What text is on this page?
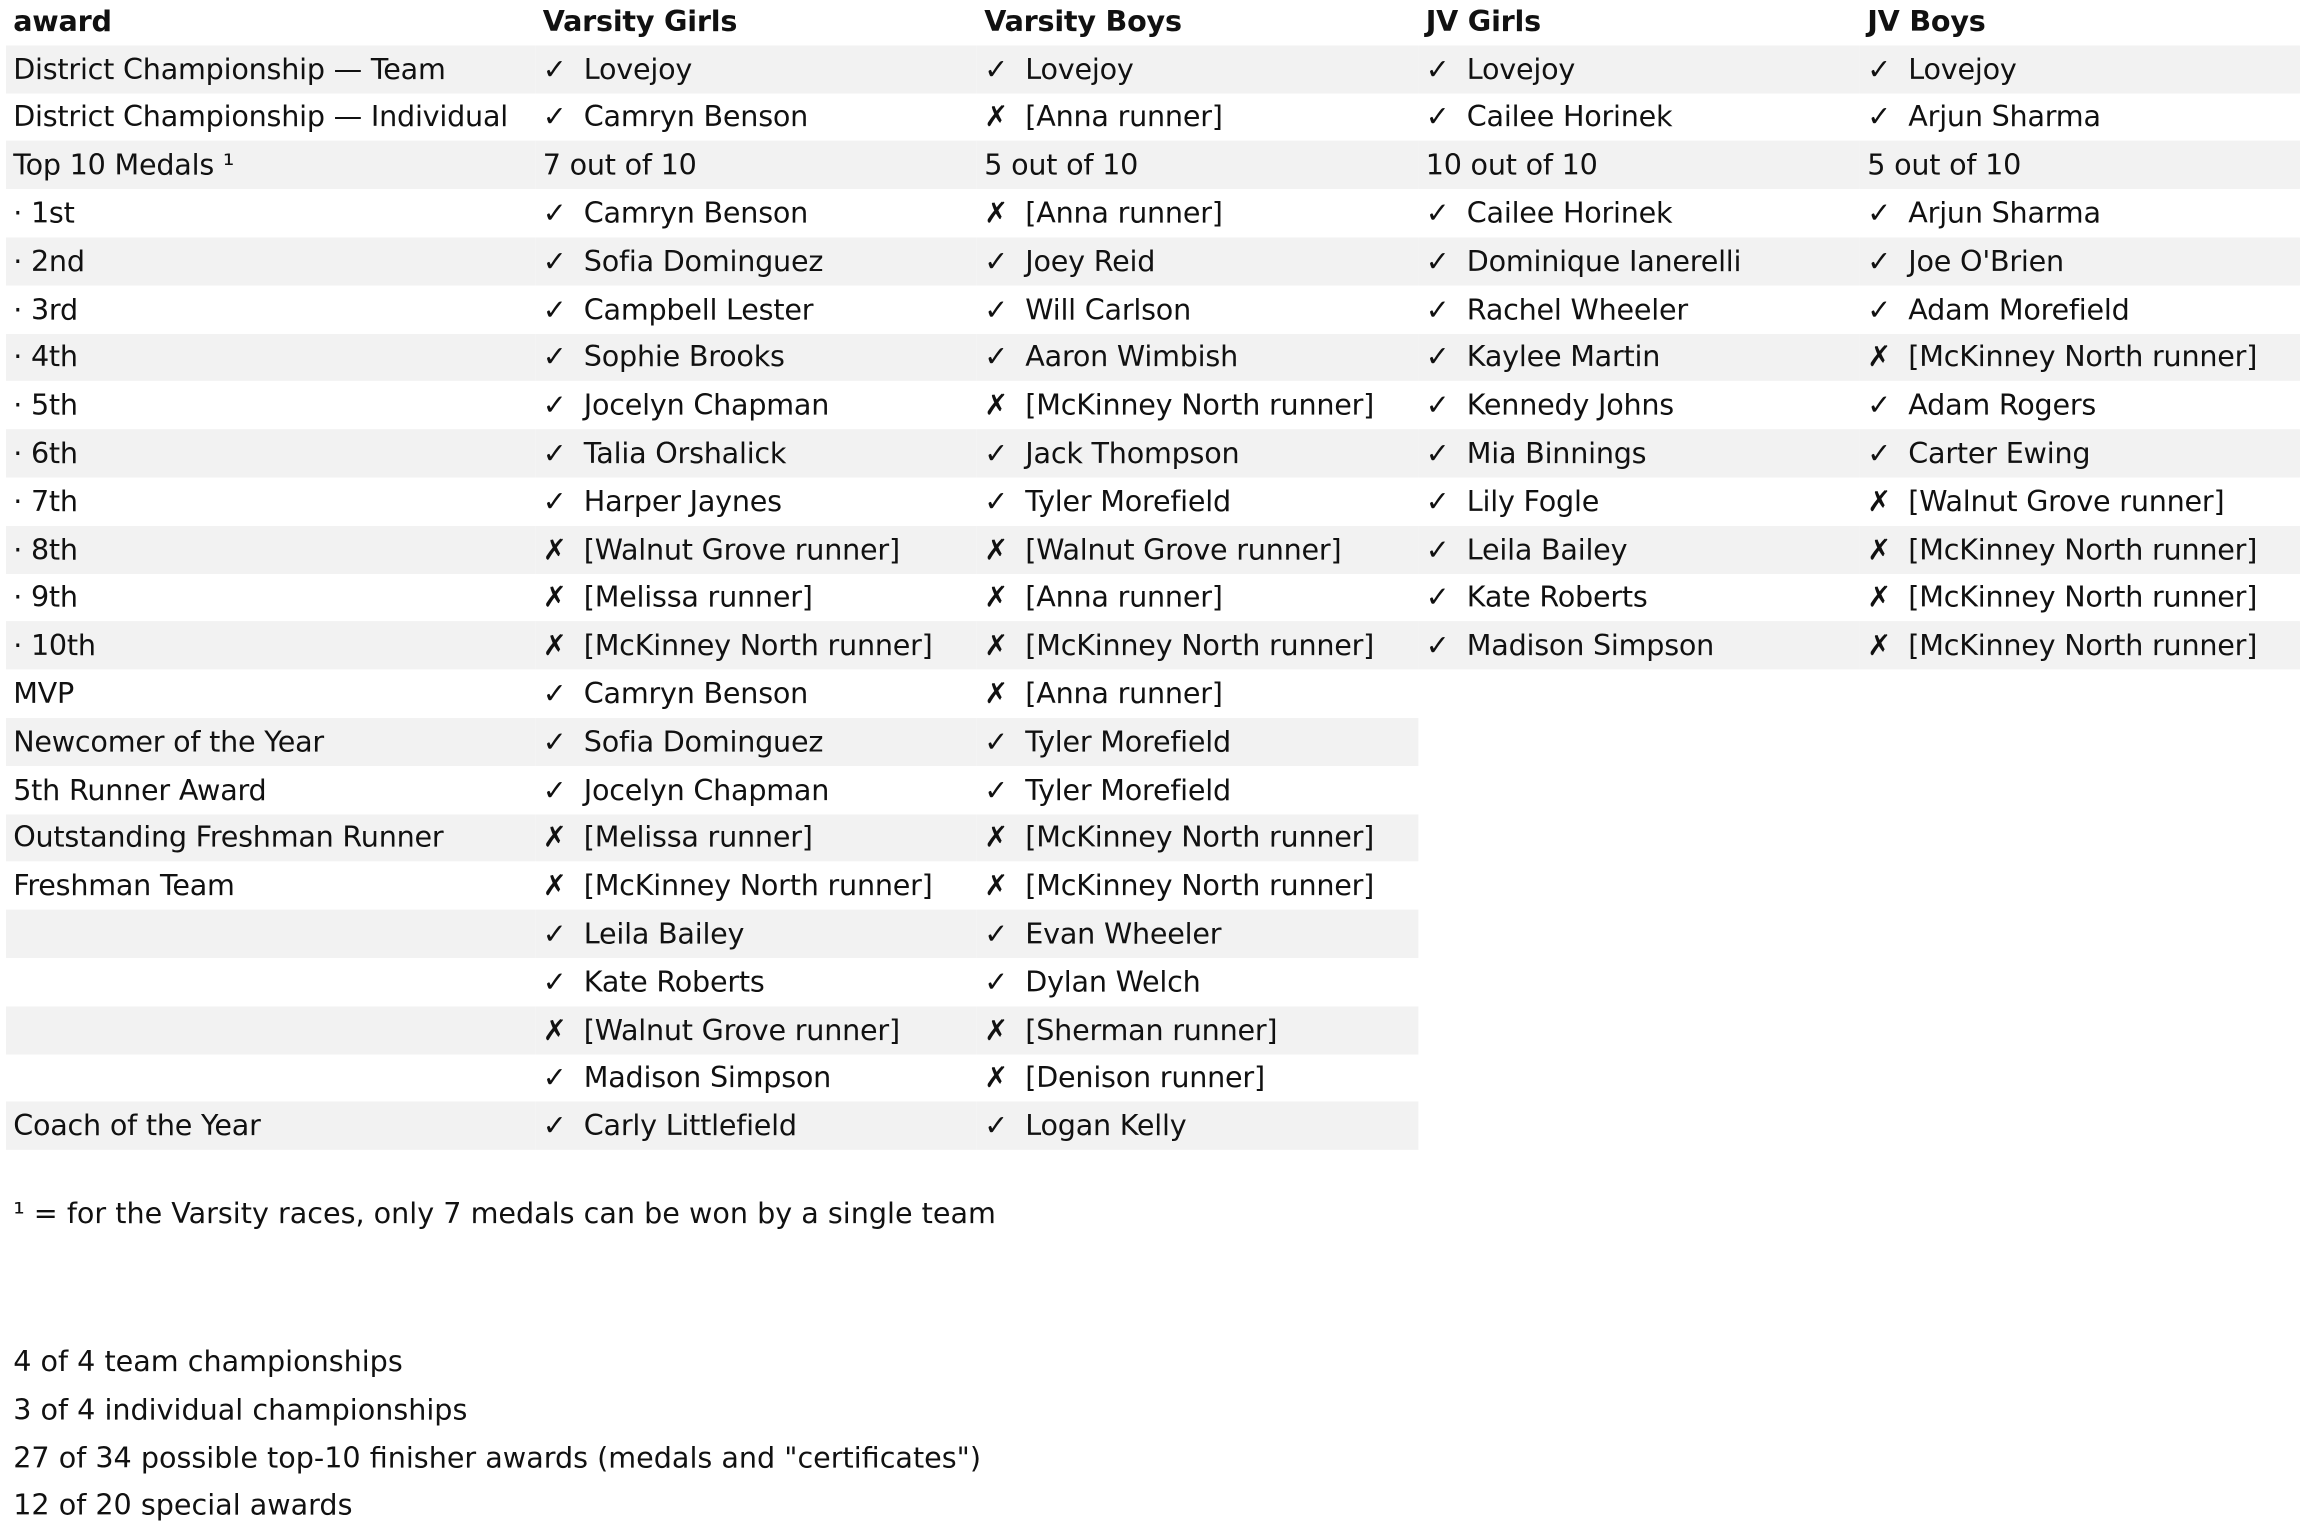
award	Varsity Girls	Varsity Boys	JV Girls	JV Boys
District Championship — Team	✓ Lovejoy	✓ Lovejoy	✓ Lovejoy	✓ Lovejoy
District Championship — Individual	✓ Camryn Benson	✗ [Anna runner]	✓ Cailee Horinek	✓ Arjun Sharma
Top 10 Medals ¹	7 out of 10	5 out of 10	10 out of 10	5 out of 10
· 1st	✓ Camryn Benson	✗ [Anna runner]	✓ Cailee Horinek	✓ Arjun Sharma
· 2nd	✓ Sofia Dominguez	✓ Joey Reid	✓ Dominique Ianerelli	✓ Joe O'Brien
· 3rd	✓ Campbell Lester	✓ Will Carlson	✓ Rachel Wheeler	✓ Adam Morefield
· 4th	✓ Sophie Brooks	✓ Aaron Wimbish	✓ Kaylee Martin	✗ [McKinney North runner]
· 5th	✓ Jocelyn Chapman	✗ [McKinney North runner]	✓ Kennedy Johns	✓ Adam Rogers
· 6th	✓ Talia Orshalick	✓ Jack Thompson	✓ Mia Binnings	✓ Carter Ewing
· 7th	✓ Harper Jaynes	✓ Tyler Morefield	✓ Lily Fogle	✗ [Walnut Grove runner]
· 8th	✗ [Walnut Grove runner]	✗ [Walnut Grove runner]	✓ Leila Bailey	✗ [McKinney North runner]
· 9th	✗ [Melissa runner]	✗ [Anna runner]	✓ Kate Roberts	✗ [McKinney North runner]
· 10th	✗ [McKinney North runner]	✗ [McKinney North runner]	✓ Madison Simpson	✗ [McKinney North runner]
MVP	✓ Camryn Benson	✗ [Anna runner]		
Newcomer of the Year	✓ Sofia Dominguez	✓ Tyler Morefield		
5th Runner Award	✓ Jocelyn Chapman	✓ Tyler Morefield		
Outstanding Freshman Runner	✗ [Melissa runner]	✗ [McKinney North runner]		
Freshman Team	✗ [McKinney North runner]	✗ [McKinney North runner]		
	✓ Leila Bailey	✓ Evan Wheeler		
	✓ Kate Roberts	✓ Dylan Welch		
	✗ [Walnut Grove runner]	✗ [Sherman runner]		
	✓ Madison Simpson	✗ [Denison runner]		
Coach of the Year	✓ Carly Littlefield	✓ Logan Kelly		
¹ = for the Varsity races, only 7 medals can be won by a single team
4 of 4 team championships
3 of 4 individual championships
27 of 34 possible top-10 finisher awards (medals and "certificates")
12 of 20 special awards
